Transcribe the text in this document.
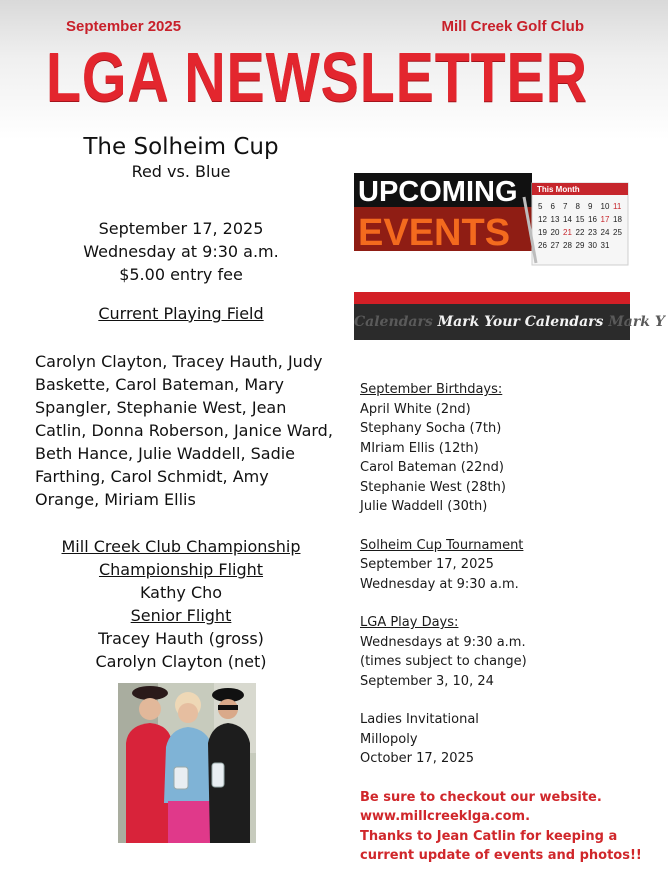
September 2025	Mill Creek Golf Club
LGA NEWSLETTER

The Solheim Cup

Red vs. Blue

September 17, 2025

Wednesday at 9:30 a.m.

$5.00 entry fee

Current Playing Field

Carolyn Clayton, Tracey Hauth, Judy Baskette, Carol Bateman, Mary Spangler, Stephanie West, Jean Catlin, Donna Roberson, Janice Ward, Beth Hance, Julie Waddell, Sadie Farthing, Carol Schmidt, Amy Orange, Miriam Ellis

Mill Creek Club Championship

Championship Flight

Kathy Cho

Senior Flight

Tracey Hauth (gross)

Carolyn Clayton (net)

UPCOMING
EVENTS
This Month
5 6 7 8 9 10 11
12 13 14 15 16 17 18
19 20 21 22 23 24 25
26 27 28 29 30 31
Calendars Mark Your Calendars Mark Y

September Birthdays:

April White (2nd)

Stephany Socha (7th)

MIriam Ellis (12th)

Carol Bateman (22nd)

Stephanie West (28th)

Julie Waddell (30th)

Solheim Cup Tournament

September 17, 2025

Wednesday at 9:30 a.m.

LGA Play Days:

Wednesdays at 9:30 a.m.

(times subject to change)

September 3, 10, 24

Ladies Invitational

Millopoly

October 17, 2025

Be sure to checkout our website.

www.millcreeklga.com.

Thanks to Jean Catlin for keeping a

current update of events and photos!!
